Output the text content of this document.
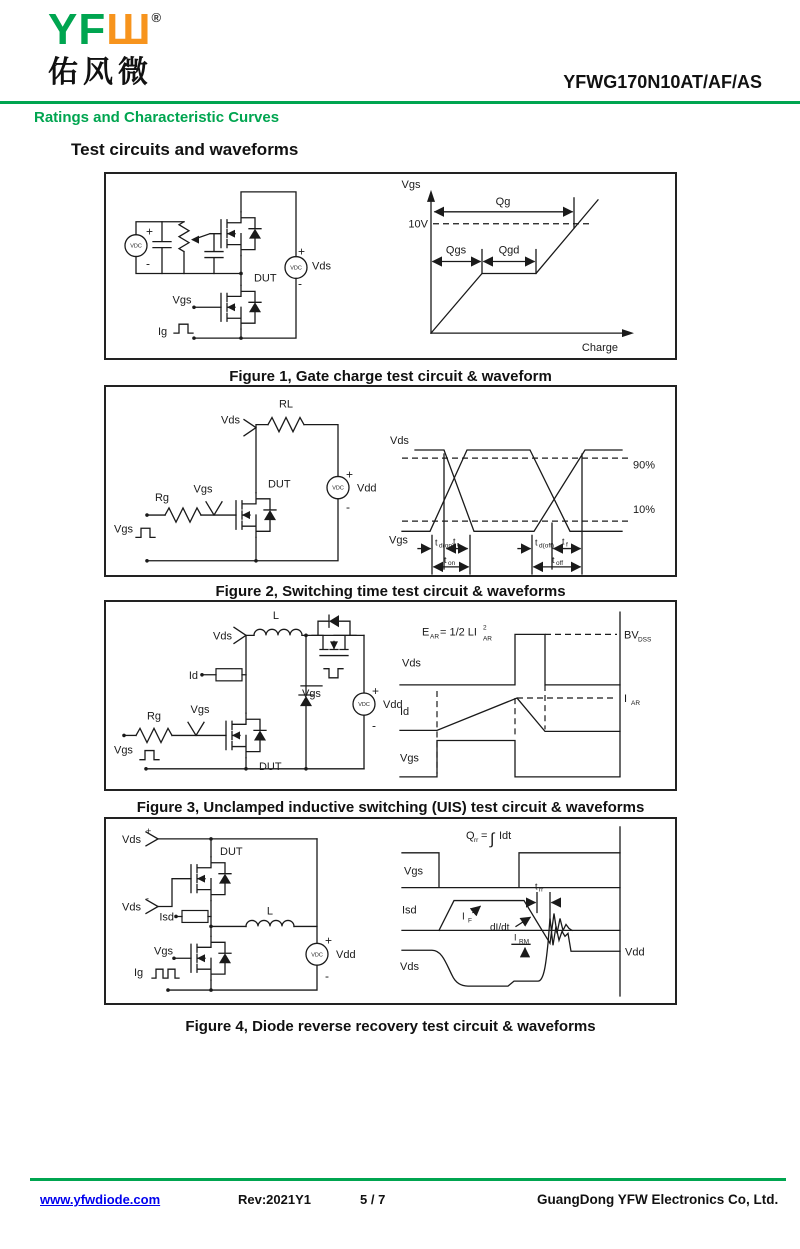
YFШ®
佑风微	YFWG170N10AT/AF/AS
Ratings and Characteristic Curves
Test circuits and waveforms
+
-
DUT
+
Vds
-
Vgs
Ig
Vgs
Charge
10V
Qg
Qgs	Qgd
Figure 1, Gate charge test circuit & waveform
Vgs
Rg
Vgs	DUT
Vds
RL
+
Vdd
-
Vds
Vgs
90%
10%
t d(on)
t r
t on
t d(off) t f
t off
Figure 2, Switching time test circuit & waveforms
Vds
L
Id
Rg
Vgs
DUT
Vgs
Vgs	+
Vdd
-
E AR = 1/2 LI 2
AR	BV DSS
Vds
I AR
Id
Vgs
Figure 3, Unclamped inductive switching (UIS) test circuit & waveforms
Vds
+
Vds
-
DUT
Isd	L
Vgs
Ig
+
Vdd
-
Q rr = ∫ Idt
Vgs
Isd
I F
dI/dt
t rr
I RM
Vds
Vdd
Figure 4, Diode reverse recovery test circuit & waveforms
www.yfwdiode.com	Rev:2021Y1	5 / 7	GuangDong YFW Electronics Co, Ltd.
